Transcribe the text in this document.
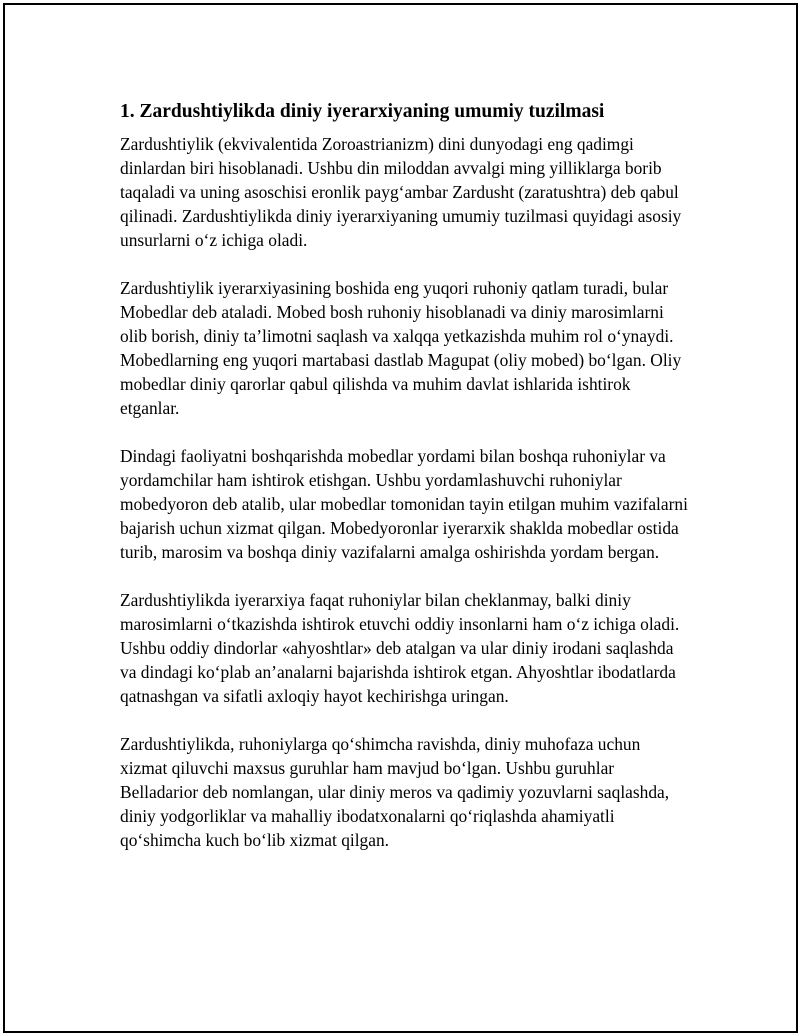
1. Zardushtiylikda diniy iyerarxiyaning umumiy tuzilmasi

Zardushtiylik (ekvivalentida Zoroastrianizm) dini dunyodagi eng qadimgi dinlardan biri hisoblanadi. Ushbu din miloddan avvalgi ming yilliklarga borib taqaladi va uning asoschisi eronlik payg‘ambar Zardusht (zaratushtra) deb qabul qilinadi. Zardushtiylikda diniy iyerarxiyaning umumiy tuzilmasi quyidagi asosiy unsurlarni o‘z ichiga oladi.

Zardushtiylik iyerarxiyasining boshida eng yuqori ruhoniy qatlam turadi, bular Mobedlar deb ataladi. Mobed bosh ruhoniy hisoblanadi va diniy marosimlarni olib borish, diniy ta’limotni saqlash va xalqqa yetkazishda muhim rol o‘ynaydi. Mobedlarning eng yuqori martabasi dastlab Magupat (oliy mobed) bo‘lgan. Oliy mobedlar diniy qarorlar qabul qilishda va muhim davlat ishlarida ishtirok etganlar.

Dindagi faoliyatni boshqarishda mobedlar yordami bilan boshqa ruhoniylar va yordamchilar ham ishtirok etishgan. Ushbu yordamlashuvchi ruhoniylar mobedyoron deb atalib, ular mobedlar tomonidan tayin etilgan muhim vazifalarni bajarish uchun xizmat qilgan. Mobedyoronlar iyerarxik shaklda mobedlar ostida turib, marosim va boshqa diniy vazifalarni amalga oshirishda yordam bergan.

Zardushtiylikda iyerarxiya faqat ruhoniylar bilan cheklanmay, balki diniy marosimlarni o‘tkazishda ishtirok etuvchi oddiy insonlarni ham o‘z ichiga oladi. Ushbu oddiy dindorlar «ahyoshtlar» deb atalgan va ular diniy irodani saqlashda va dindagi ko‘plab an’analarni bajarishda ishtirok etgan. Ahyoshtlar ibodatlarda qatnashgan va sifatli axloqiy hayot kechirishga uringan.

Zardushtiylikda, ruhoniylarga qo‘shimcha ravishda, diniy muhofaza uchun xizmat qiluvchi maxsus guruhlar ham mavjud bo‘lgan. Ushbu guruhlar Belladarior deb nomlangan, ular diniy meros va qadimiy yozuvlarni saqlashda, diniy yodgorliklar va mahalliy ibodatxonalarni qo‘riqlashda ahamiyatli qo‘shimcha kuch bo‘lib xizmat qilgan.
